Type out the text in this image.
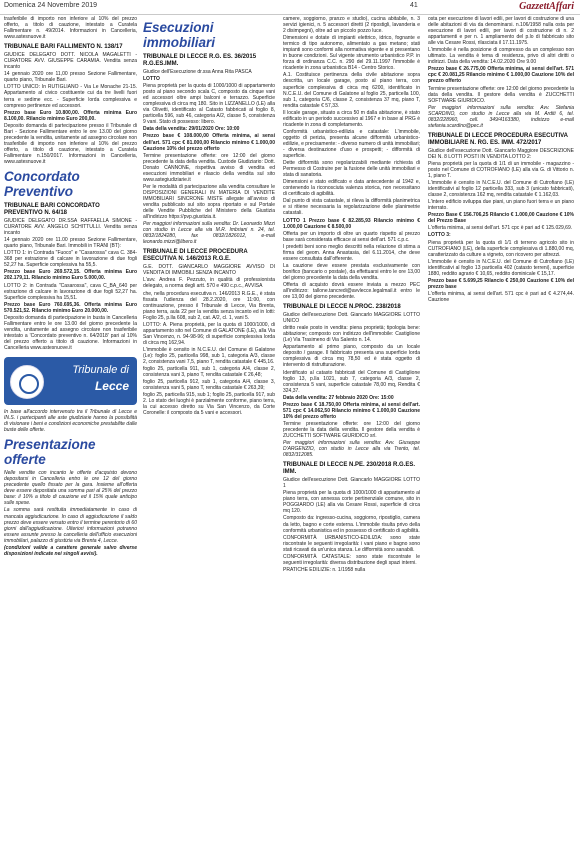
Domenica 24 Novembre 2019	41	GazzettAffari

trasferibile di importo non inferiore al 10% del prezzo offerto, a titolo di cauzione, intestato a Curatela Fallimentare n. 49/2014. Informazioni in Cancelleria, www.astesnuove.it

TRIBUNALE BARI FALLIMENTO N. 138/17

GIUDICE DELEGATO DOTT. NICOLA MAGALETTI - CURATORE AVV. GIUSEPPE CARAMIA. Vendita senza incanto

14 gennaio 2020 ore 11,00 presso Sezione Fallimentare, quarto piano, Tribunale Bari.

LOTTO UNICO: In RUTIGLIANO - Via Le Monache 21-15. Appartamento al civico costituente cui da tre livelli fuori terra e sedime ecc. - Superficie lorda complessiva e compreso pertinenze ed accessori.

Prezzo base Euro 10.800,00. Offerta minima Euro 8.100,00. Rilancio minimo Euro 200,00.

Deposito domanda di partecipazione presso il Tribunale di Bari - Sezione Fallimentare entro le ore 13.00 del giorno precedente la vendita, unitamente ad assegno circolare non trasferibile di importo non inferiore al 10% del prezzo offerto, a titolo di cauzione, intestato a Curatela Fallimentare n.150/2017. Informazioni in Cancelleria, www.astesnuove.it

Concordato Preventivo
TRIBUNALE BARI CONCORDATO PREVENTIVO N. 64/18

GIUDICE DELEGATO DR.SSA RAFFAELLA SIMONE - CURATORE AVV. ANGELO SCHITTULLI. Vendita senza incanto

14 gennaio 2020 ore 11.00 presso Sezione Fallimentare, quarto piano, Tribunale Bari. Immobili in TRANI (BT):

LOTTO 1: in Contrada "Fuoco" e "Casarossa" cava C. 384-368 per estrazione di calcare in lavorazione di due fogli 52,27 ha. Superficie complessiva ha 55,5.

Prezzo base Euro 269.572,15. Offerta minima Euro 202.179,11. Rilancio minimo Euro 5.000,00.

LOTTO 2: in Contrada "Casarossa", cava C_BA_640 per estrazione di calcare in lavorazione di due fogli 52,27 ha. Superficie complessiva ha 15,51.

Prezzo base Euro 760.695,36. Offerta minima Euro 570.521,52. Rilancio minimo Euro 20.000,00.

Deposito domanda di partecipazione in busta in Cancelleria Fallimentare entro le ore 13.00 del giorno precedente la vendita, unitamente ad assegno circolare non trasferibile intestato a 'Concordato preventivo n. 64/2018' pari al 10% del prezzo offerto a titolo di cauzione. Informazioni in Cancelleria www.astesnuove.it

Tribunale di
Lecce

In base all'accordo intervenuto tra il Tribunale di Lecce e IN.S. i partecipanti alle aste giudiziarie hanno la possibilità di visionare i beni e condizioni economiche prestabilite dalle buste delle offerte.

Presentazione offerte

Nelle vendite con incanto le offerte d'acquisto devono depositarsi in Cancelleria entro le ore 12 del giorno precedente quello fissato per la gara. Insieme all'offerta deve essere depositata una somma pari al 25% del prezzo base: il 10% a titolo di cauzione ed il 15% quale anticipo sulle spese.

La somma sarà restituita immediatamente in caso di mancata aggiudicazione. In caso di aggiudicazione il saldo prezzo deve essere versato entro il termine perentorio di 60 giorni dall'aggiudicazione. Ulteriori informazioni potranno essere assunte presso la cancelleria dell'ufficio esecuzioni immobiliari, palazzo di giustizia via Brenta 4, Lecce.

(condizioni valide a carattere generale salvo diverse disposizioni indicate nei singoli avvisi).

Esecuzioni immobiliari
TRIBUNALE DI LECCE R.G. ES. 36/2015 R.G.ES.IMM.

Giudice dell'Esecuzione dr.ssa Anna Rita PASCA

LOTTO

Piena proprietà per la quota di 1000/1000 di appartamento posto al piano secondo scala C, composto da cinque vani ed accessori oltre ampi balconi e terrazzo. Superficie complessiva di circa mq 180. Sito in LIZZANELLO (LE) alla via Olivetti, identificato al Catasto fabbricati al foglio 8, particella 596, sub 46, categoria A/2, classe 5, consistenza 9 vani. Stato di possesso: libero.

Data della vendita: 29/01/2020 Ore: 10:00

Prezzo base € 108.000,00 Offerta minima, ai sensi dell'art. 571 cpc € 81.000,00 Rilancio minimo € 1.000,00 Cauzione 10% del prezzo offerto

Termine presentazione offerte: ore 12:00 del giorno precedente la data della vendita. Custode Giudiziario: Dott. Donato CANNONE, rispettiva avviso di vendita ed esecuzioni immobiliari e rilascio della vendita sul sito www.astegiudiziarie.it

Per le modalità di partecipazione alla vendita consultare le DISPOSIZIONI GENERALI IN MATERIA DI VENDITE IMMOBILIARI SINCRONE MISTE allegate all'avviso di vendita pubblicato sul sito sopra riportato e sul Portale delle Vendite Pubbliche del Ministero della Giustizia all'indirizzo https://pvp.giustizia.it.

Per maggiori informazioni sulla vendita: Dr. Leonardo Mizzi con studio in Lecce alla via M.R. Imbriani n. 24, tel. 0832/1824280, fax 0832/1826012, e-mail leonardo.mizzi@libero.it

TRIBUNALE DI LECCE PROCEDURA ESECUTIVA N. 146/2013 R.G.E.

G.E. DOTT. GIANCARLO MAGGIORE AVVISO DI VENDITA DI IMMOBILI SENZA INCANTO

L'avv. Andrea F. Pezzuto, in qualità di professionista delegato, a norma degli artt. 570 e 490 c.p.c., AVVISA

che, nella procedura esecutiva n. 146/2013 R.G.E., è stata fissata l'udienza del 28.2.2020, ore 11:00, con continuazione, presso il Tribunale di Lecce, Via Brenta, piano terra, aula 22 per la vendita senza incanto ed in lotti: Foglio 25, p.lla 608, sub 2, cat. A/2, cl. 1, vani 5.

LOTTO: A. Piena proprietà, per la quota di 1000/1000, di appartamento sito nel Comune di GALATONE (LE), alla Via San Vincenzo, n. 94-98-96; di superficie complessiva lorda di circa mq 162,94.

L'immobile è censito in N.C.E.U. del Comune di Galatone (Le): foglio 25, particella 998, sub 1, categoria A/3, classe 2, consistenza vani 7,5, piano T, rendita catastale € 445,16.

foglio 25, particella 911, sub 1, categoria A/4, classe 2, consistenza vani 3, piano T, rendita catastale € 26,48;

foglio 25, particella 912, sub 1, categoria A/4, classe 3, consistenza vani 5, piano T, rendita catastale € 263,39;

foglio 25, particella 915, sub 1; foglio 25, particella 917, sub 2. Lo stato dei luoghi è parzialmente conforme, piano terra, la cui accesso diretto su Via San Vincenzo, da Corte Coronelle: il composto da 5 vani e accessori.

camere, soggiorno, pranzo e studio), cucina abitabile, n. 3 servizi igienici, n. 5 accessori diretti (2 ripostigli, lavanderia e 2 disimpegni), oltre ad un piccolo pozzo luce.

Dimensioni e dotate di impianti elettrico, idrico, fognante e termico di tipo autonomo, alimentato a gas metano; stati impianti sono conformi alla normativa vigente e si presentano in buone condizioni. Sul vigente strumento urbanistico P.P. in forza di ordinanza C.C. n. 290 del 29.11.1997 l'immobile è ricadente in zona urbanistica B14 - Centro Storico.

A.1. Costituisce pertinenza della civile abitazione sopra descritta, un locale garage, posto al piano terra, con superficie complessiva di circa mq 6200, identificato in N.C.E.U. del Comune di Galatone al foglio 25, particella 100, sub 1, categoria C/6, classe 2, consistenza 37 mq, piano T, rendita catastale € 57,33.

Il locale garage, situato a circa 50 m dalla abitazione, è stato edificato in un periodo successivo al 1967 e in base al PRG è ricadente in zona di completamento.

Conformità urbanistico-edilizia e catastale: L'immobile, oggetto di perizia, presenta alcune difformità urbanistico-edilizie, e precisamente: - diverso numero di unità immobiliari; - diversa destinazione d'uso e prospetti; - difformità di superficie.

Dette difformità sono regolarizzabili mediante richiesta di Permesso di Costruire per la fusione delle unità immobiliari e stata di sanatoria.

Dimensioni e stato edificato e data antecedente al 1942 e, contenendo la riconosciuta valenza storica, non necessitano di certificato di agibilità.

Dal punto di vista catastale, si rileva la difformità planimetrica e si ritiene necessaria la regolarizzazione delle planimetrie catastali.

LOTTO 1 Prezzo base € 82.285,93 Rilancio minimo € 1.000,00 Cauzione € 8.500,00

Offerta per un importo di oltre un quarto rispetto al prezzo base sarà considerata efficace ai sensi dell'art. 571 c.p.c.

I predetti beni sono meglio descritti nella relazione di stima a firma del geom. Anna Anastasia, del 6.11.2014, che deve essere consultata dall'offerente.

La cauzione deve essere prestata esclusivamente con bonifico (bancario o postale), da effettuarsi entro le ore 13,00 del giorno precedente la data della vendita.

Offerta di acquisto dovrà essere inviata a mezzo PEC all'indirizzo: tallone.tancredi@avvlecce.legalmail.it entro le ore 13,00 del giorno precedente.

TRIBUNALE DI LECCE N.PROC. 238/2018

Giudice dell'esecuzione Dott. Giancarlo MAGGIORE LOTTO UNICO

diritto reale posto in vendita: piena proprietà; tipologia bene: abitazione; composto con indirizzo dell'immobile: Castiglione (Le) Via Trasimeno di Via Salento n. 14.

Appartamento al primo piano, composto da un locale deposito / garage. Il fabbricato presenta una superficie lorda complessiva di circa mq 78,50 ed è stata oggetto di intervento di ristrutturazione.

Identificato al catasto fabbricati del Comune di Castiglione foglio 13, p.lla 1021, sub 7, categoria A/3, classe 2, consistenza 5 vani, superficie catastale 78,00 mq, Rendita € 324,37.

Data della vendita: 27 febbraio 2020 Ore: 15:00

Prezzo base € 18.750,00 Offerta minima, ai sensi dell'art. 571 cpc € 14.062,50 Rilancio minimo € 1.000,00 Cauzione 10% del prezzo offerto

Termine presentazione offerte: ore 12:00 del giorno precedente la data della vendita. Il gestore della vendita è ZUCCHETTI SOFTWARE GIURIDICO srl.

Per maggiori informazioni sulla vendita: Avv. Giuseppe D'ARGENZIO, con studio in Lecce alla via Trento, tel. 0832/312085.

TRIBUNALE DI LECCE N.PE. 230/2018 R.G.ES. IMM.

Giudice dell'esecuzione Dott. Giancarlo MAGGIORE LOTTO 1

Piena proprietà per la quota di 1000/1000 di appartamento al piano terra, con annessa corte pertinenziale comune, sito in POGGIARDO (LE) alla via Cesare Rossi, superficie di circa mq 120.

Composto da: ingresso-cucina, soggiorno, ripostiglio, camera da letto, bagno e corte esterna. L'immobile risulta privo della conformità urbanistica ed in possesso di certificato di agibilità.

CONFORMITÀ URBANISTICO-EDILIZIA: sono state riscontrate le seguenti irregolarità: i vani piano e bagno sono stati ricavati da un'unica stanza. Le difformità sono sanabili.

CONFORMITÀ CATASTALE: sono state riscontrate le seguenti irregolarità: diversa distribuzione degli spazi interni.

PRATICHE EDILIZIE: n. 1/1958 nulla

osta per esecuzione di lavori edili, per lavori di costruzione di una delle abitazioni di via da denominarsi. n.106/1958 nulla osta per esecuzione di lavori edili, per lavori di costruzione di n. 2 appartamenti e per n. 1 ampliamento del p.lo di fabbricato sito alle via Cesare Rossi, rilasciata il 17.11.1975.

L'immobile è nella posizione di compresso da un complesso non ultimato. La vendita è tema di residenza, privo di altri diritti o indirizzi. Data della vendita: 14.02.2020 Ore 9.00

Prezzo base € 26.775,00 Offerta minima, ai sensi dell'art. 571 cpc € 20.081,25 Rilancio minimo € 1.000,00 Cauzione 10% del prezzo offerto

Termine presentazione offerte: ore 12:00 del giorno precedente la data della vendita. Il gestore della vendita è ZUCCHETTI SOFTWARE GIURIDICO.

Per maggiori informazioni sulla vendita: Avv. Stefania SCARDINO, con studio in Lecce alla via M. Arditi 6, tel. 0832/228960, cell. 349/4163380, indirizzo e-mail stefania.scardino@pec.it

TRIBUNALE DI LECCE PROCEDURA ESECUTIVA IMMOBILIARE N. RG. ES. IMM. 472/2017

Giudice dell'esecuzione Dott. Giancarlo Maggiore DESCRIZIONE DEI N. 8 LOTTI POSTI IN VENDITA LOTTO 2:

Piena proprietà per la quota di 1/1 di un immobile - magazzino - posto nel Comune di COTROFIANO (LE) alla via G. di Vittorio n. 1, piano T.

L'immobile è censito in N.C.E.U. del Comune di Cutrofiano (LE) identificativi al foglio 12 particella 333, sub 3 (unicato fabbricati), classe 2, consistenza 162 mq, rendita catastale € 1.162,03.

L'intero edificio sviluppa due piani, un piano fuori terra e un piano interrato.

Prezzo Base € 156.706,25 Rilancio € 1.000,00 Cauzione € 10% del Prezzo Base

L'offerta minima, ai sensi dell'art. 571 cpc è pari ad € 125.029,69.

LOTTO 3:

Piena proprietà per la quota di 1/1 di terreno agricolo sito in CUTROFIANO (LE), della superficie complessiva di 1.880,00 mq, caratterizzato da culture a vigneto, con ricovero per attrezzi.

L'immobile è censito in N.C.E.U. del Comune di Cutrofiano (LE) identificativi al foglio 13 particella 402 (catasto terreni), superficie 1880, reddito agrario € 10,65, reddito dominicale € 15,17.

Prezzo base € 5.699,25 Rilancio € 250,00 Cauzione € 10% del prezzo base

L'offerta minima, ai sensi dell'art. 571 cpc è pari ad € 4.274,44. Cauzione
